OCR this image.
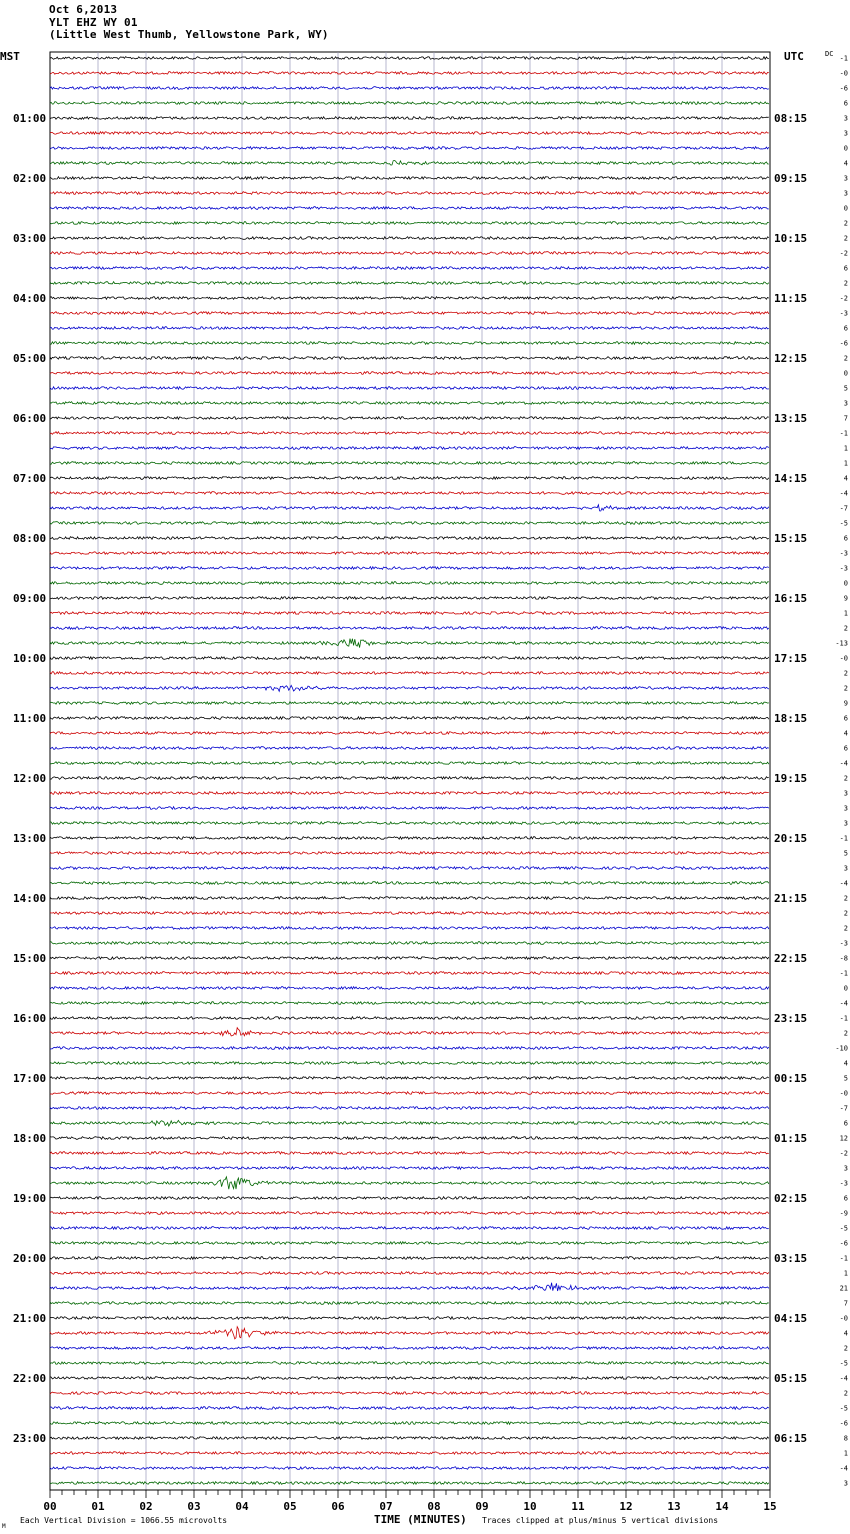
Oct 6,2013
YLT EHZ WY 01
(Little West Thumb, Yellowstone Park, WY)
MST	UTC	DC
-1
-0
-6
6
3
3
0
4
3
3
0
2
2
-2
6
2
-2
-3
6
-6
2
0
5
3
7
-1
1
1
4
-4
-7
-5
6
-3
-3
0
9
1
2
-13
-0
2
2
9
6
4
6
-4
2
3
3
3
-1
5
3
-4
2
2
2
-3
-8
-1
0
-4
-1
2
-10
4
5
-0
-7
6
12
-2
3
-3
6
-9
-5
-6
-1
1
21
7
-0
4
2
-5
-4
2
-5
-6
8
1
-4
3
01:00
02:00
03:00
04:00
05:00
06:00
07:00
08:00
09:00
10:00
11:00
12:00
13:00
14:00
15:00
16:00
17:00
18:00
19:00
20:00
21:00
22:00
23:00
08:15
09:15
10:15
11:15
12:15
13:15
14:15
15:15
16:15
17:15
18:15
19:15
20:15
21:15
22:15
23:15
00:15
01:15
02:15
03:15
04:15
05:15
06:15
00	01	02	03	04	05	06	07	08	09	10	11	12	13	14	15
M
Each Vertical Division = 1066.55 microvolts	TIME (MINUTES) Traces clipped at plus/minus 5 vertical divisions
